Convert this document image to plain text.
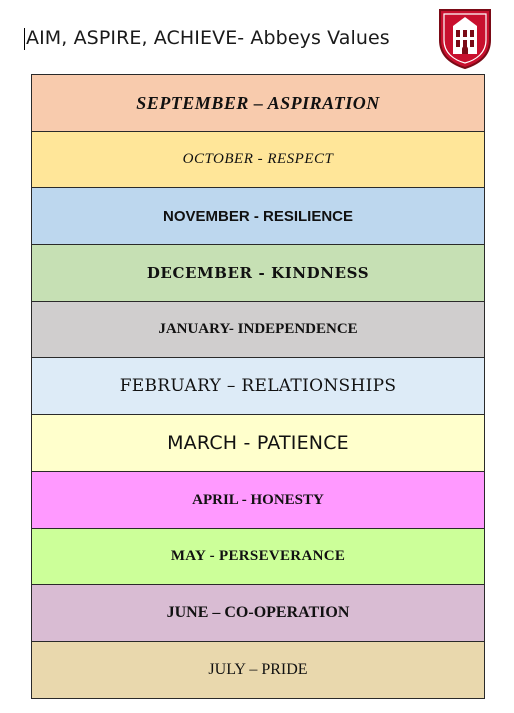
AIM, ASPIRE, ACHIEVE- Abbeys Values
SEPTEMBER – ASPIRATION
OCTOBER - RESPECT
NOVEMBER - RESILIENCE
DECEMBER - KINDNESS
JANUARY- INDEPENDENCE
FEBRUARY – RELATIONSHIPS
MARCH - PATIENCE
APRIL - HONESTY
MAY - PERSEVERANCE
JUNE – CO-OPERATION
JULY – PRIDE
